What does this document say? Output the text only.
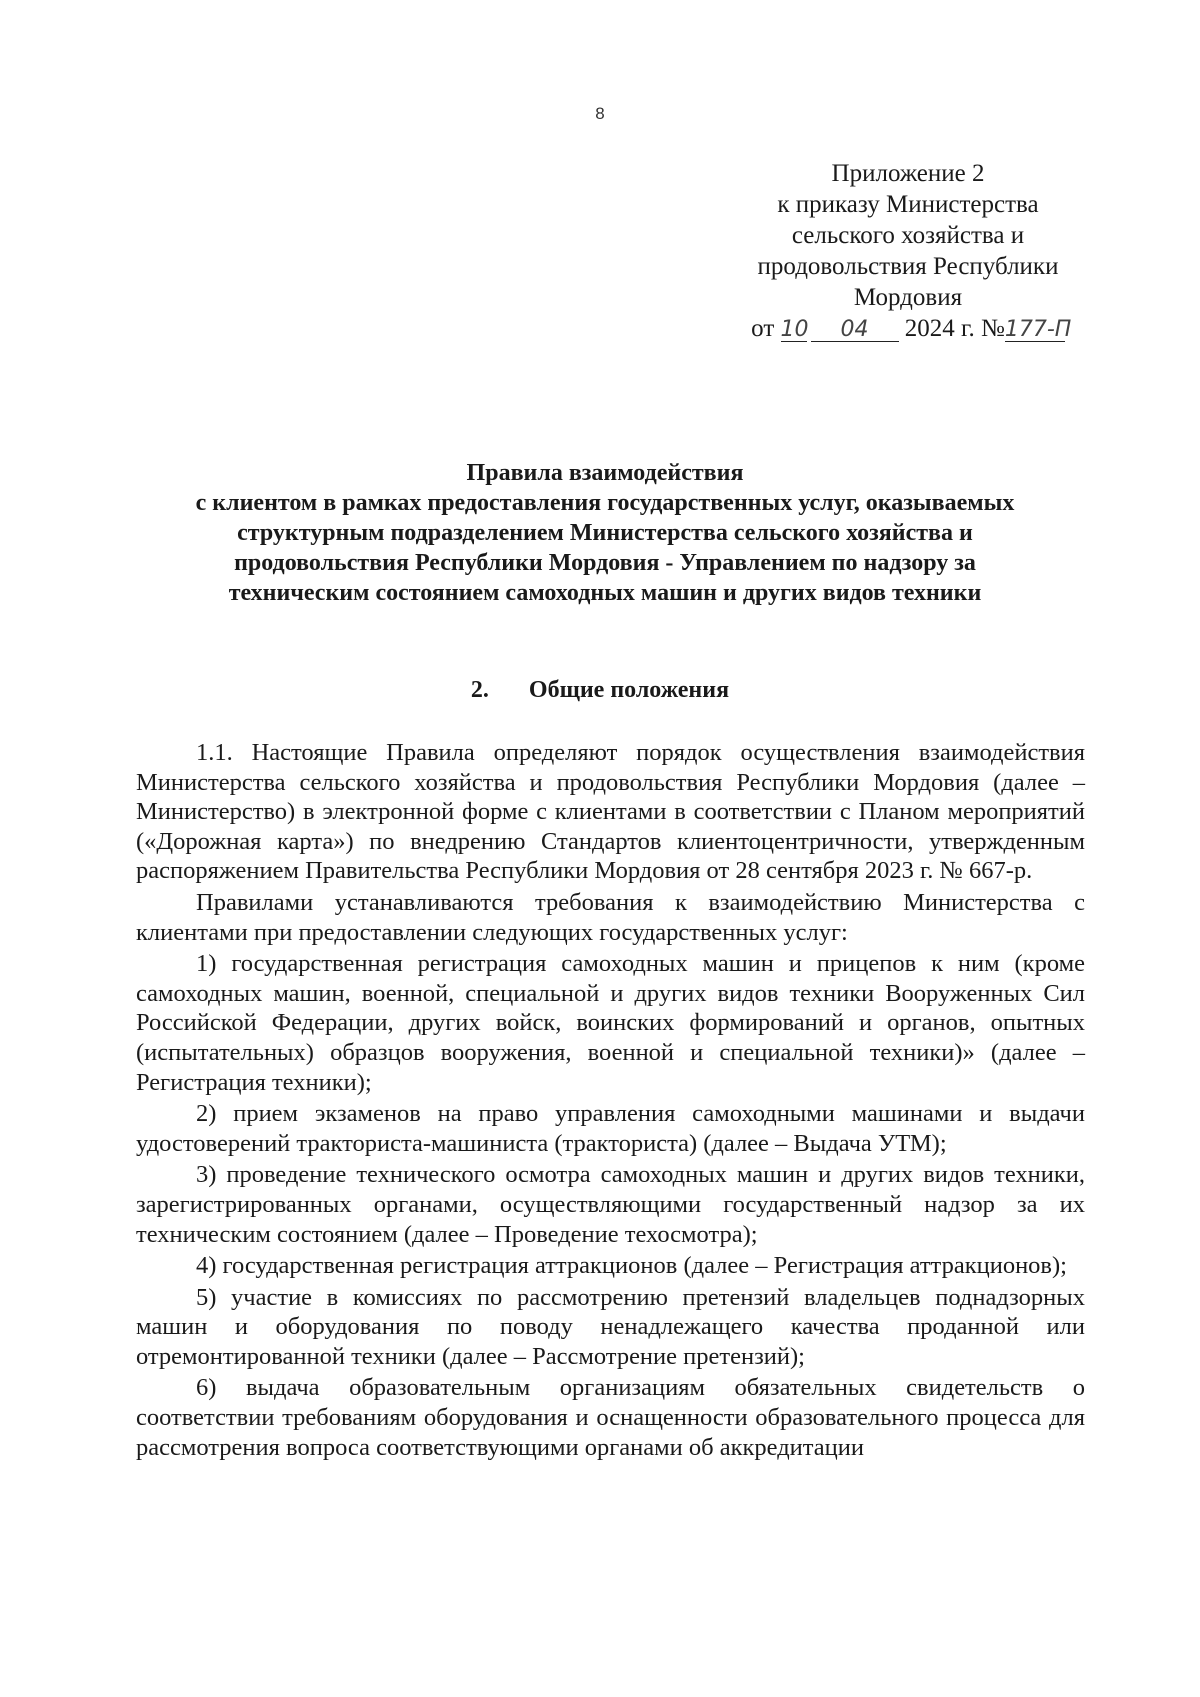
8
Приложение 2
к приказу Министерства
сельского хозяйства и
продовольствия Республики
Мордовия
от 10 04 2024 г. №177-П
Правила взаимодействия
с клиентом в рамках предоставления государственных услуг, оказываемых
структурным подразделением Министерства сельского хозяйства и
продовольствия Республики Мордовия - Управлением по надзору за
техническим состоянием самоходных машин и других видов техники
2. Общие положения

1.1. Настоящие Правила определяют порядок осуществления взаимодействия Министерства сельского хозяйства и продовольствия Республики Мордовия (далее – Министерство) в электронной форме с клиентами в соответствии с Планом мероприятий («Дорожная карта») по внедрению Стандартов клиентоцентричности, утвержденным распоряжением Правительства Республики Мордовия от 28 сентября 2023 г. № 667-р.

Правилами устанавливаются требования к взаимодействию Министерства с клиентами при предоставлении следующих государственных услуг:

1) государственная регистрация самоходных машин и прицепов к ним (кроме самоходных машин, военной, специальной и других видов техники Вооруженных Сил Российской Федерации, других войск, воинских формирований и органов, опытных (испытательных) образцов вооружения, военной и специальной техники)» (далее – Регистрация техники);

2) прием экзаменов на право управления самоходными машинами и выдачи удостоверений тракториста-машиниста (тракториста) (далее – Выдача УТМ);

3) проведение технического осмотра самоходных машин и других видов техники, зарегистрированных органами, осуществляющими государственный надзор за их техническим состоянием (далее – Проведение техосмотра);

4) государственная регистрация аттракционов (далее – Регистрация аттракционов);

5) участие в комиссиях по рассмотрению претензий владельцев поднадзорных машин и оборудования по поводу ненадлежащего качества проданной или отремонтированной техники (далее – Рассмотрение претензий);

6) выдача образовательным организациям обязательных свидетельств о соответствии требованиям оборудования и оснащенности образовательного процесса для рассмотрения вопроса соответствующими органами об аккредитации
